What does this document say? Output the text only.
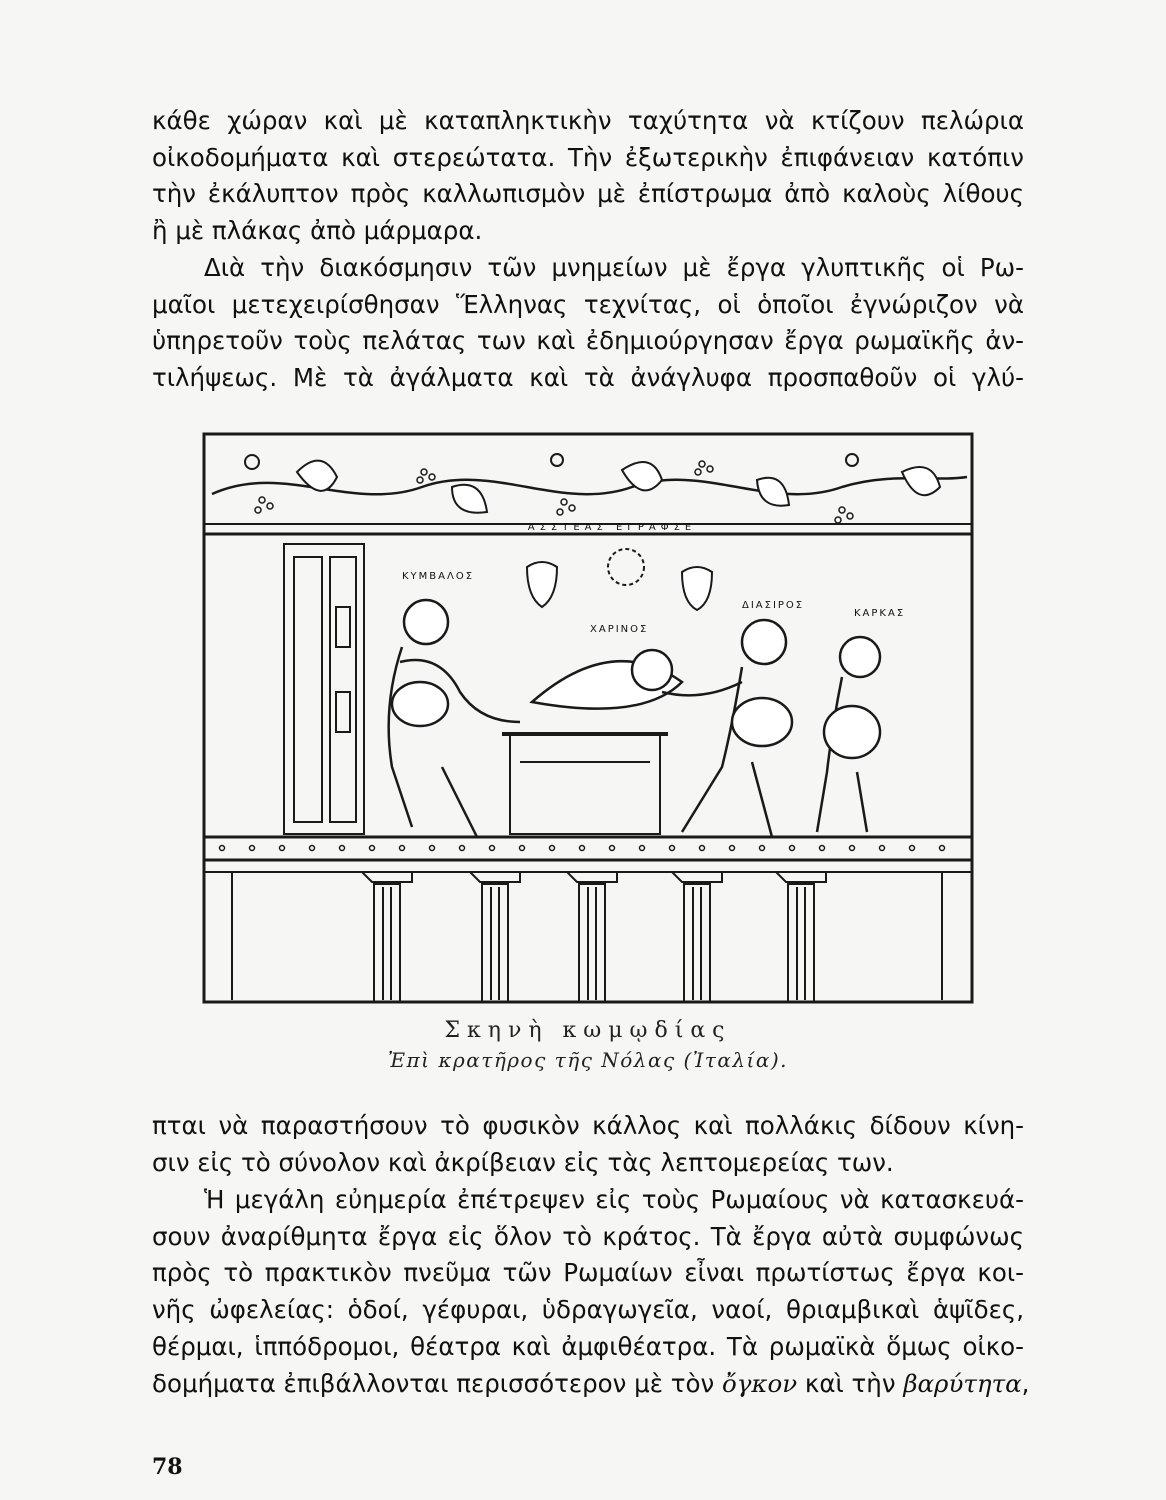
κάθε χώραν καὶ μὲ καταπληκτικὴν ταχύτητα νὰ κτίζουν πελώρια
οἰκοδομήματα καὶ στερεώτατα. Τὴν ἐξωτερικὴν ἐπιφάνειαν κατόπιν
τὴν ἐκάλυπτον πρὸς καλλωπισμὸν μὲ ἐπίστρωμα ἀπὸ καλοὺς λίθους
ἢ μὲ πλάκας ἀπὸ μάρμαρα.
Διὰ τὴν διακόσμησιν τῶν μνημείων μὲ ἔργα γλυπτικῆς οἱ Ρω-
μαῖοι μετεχειρίσθησαν Ἕλληνας τεχνίτας, οἱ ὁποῖοι ἐγνώριζον νὰ
ὑπηρετοῦν τοὺς πελάτας των καὶ ἐδημιούργησαν ἔργα ρωμαϊκῆς ἀν-
τιλήψεως. Μὲ τὰ ἀγάλματα καὶ τὰ ἀνάγλυφα προσπαθοῦν οἱ γλύ-
ΑΣΣΤΕΑΣ ΕΓΡΑΦΣΕ
ΚΥΜΒΑΛΟΣ
ΧΑΡΙΝΟΣ
ΔΙΑΣΙΡΟΣ
ΚΑΡΚΑΣ
Σκηνὴ κωμῳδίας
Ἐπὶ κρατῆρος τῆς Νόλας (Ἰταλία).
πται νὰ παραστήσουν τὸ φυσικὸν κάλλος καὶ πολλάκις δίδουν κίνη-
σιν εἰς τὸ σύνολον καὶ ἀκρίβειαν εἰς τὰς λεπτομερείας των.
Ἡ μεγάλη εὐημερία ἐπέτρεψεν εἰς τοὺς Ρωμαίους νὰ κατασκευά-
σουν ἀναρίθμητα ἔργα εἰς ὅλον τὸ κράτος. Τὰ ἔργα αὐτὰ συμφώνως
πρὸς τὸ πρακτικὸν πνεῦμα τῶν Ρωμαίων εἶναι πρωτίστως ἔργα κοι-
νῆς ὠφελείας: ὁδοί, γέφυραι, ὑδραγωγεῖα, ναοί, θριαμβικαὶ ἁψῖδες,
θέρμαι, ἱππόδρομοι, θέατρα καὶ ἀμφιθέατρα. Τὰ ρωμαϊκὰ ὅμως οἰκο-
δομήματα ἐπιβάλλονται περισσότερον μὲ τὸν ὄγκον καὶ τὴν βαρύτητα,
78
